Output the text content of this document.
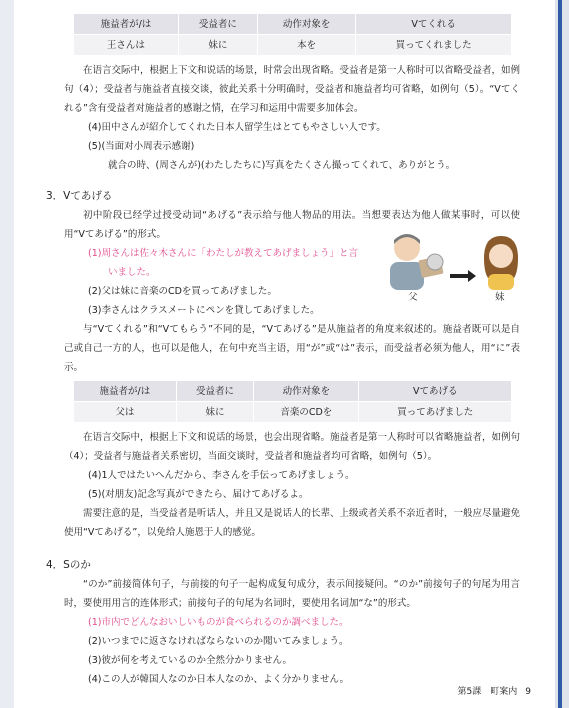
施益者が/は	受益者に	动作对象を	Vてくれる
王さんは	妹に	本を	買ってくれました

在语言交际中，根据上下文和说话的场景，时常会出现省略。受益者是第一人称时可以省略受益者，如例句（4）；受益者与施益者直接交谈，彼此关系十分明确时，受益者和施益者均可省略，如例句（5）。“Vてくれる”含有受益者对施益者的感谢之情，在学习和运用中需要多加体会。

(4)田中さんが紹介してくれた日本人留学生はとてもやさしい人です。
(5)(当面对小周表示感谢)
就合の時、(周さんが)(わたしたちに)写真をたくさん撮ってくれて、ありがとう。
3．Vてあげる

初中阶段已经学过授受动词“あげる”表示给与他人物品的用法。当想要表达为他人做某事时，可以使用“Vてあげる”的形式。

(1)周さんは佐々木さんに「わたしが教えてあげましょう」と言
いました。
(2)父は妹に音楽のCDを買ってあげました。
(3)李さんはクラスメートにペンを貸してあげました。

与“Vてくれる”和“Vてもらう”不同的是，“Vてあげる”是从施益者的角度来叙述的。施益者既可以是自己或自己一方的人，也可以是他人，在句中充当主语，用“が”或“は”表示，而受益者必须为他人，用“に”表示。

施益者が/は	受益者に	动作对象を	Vてあげる
父は	妹に	音楽のCDを	買ってあげました

在语言交际中，根据上下文和说话的场景，也会出现省略。施益者是第一人称时可以省略施益者，如例句（4）；受益者与施益者关系密切，当面交谈时，受益者和施益者均可省略，如例句（5）。

(4)1人ではたいへんだから、李さんを手伝ってあげましょう。
(5)(对朋友)記念写真ができたら、届けてあげるよ。

需要注意的是，当受益者是听话人，并且又是说话人的长辈、上级或者关系不亲近者时，一般应尽量避免使用“Vてあげる”，以免给人施恩于人的感觉。

4．Sのか

“のか”前接简体句子，与前接的句子一起构成复句成分，表示间接疑问。“のか”前接句子的句尾为用言时，要使用用言的连体形式；前接句子的句尾为名词时，要使用名词加“な”的形式。

(1)市内でどんなおいしいものが食べられるのか調べました。
(2)いつまでに返さなければならないのか聞いてみましょう。
(3)彼が何を考えているのか全然分かりません。
(4)この人が韓国人なのか日本人なのか、よく分かりません。
父	妹
第5課　町案内 9
